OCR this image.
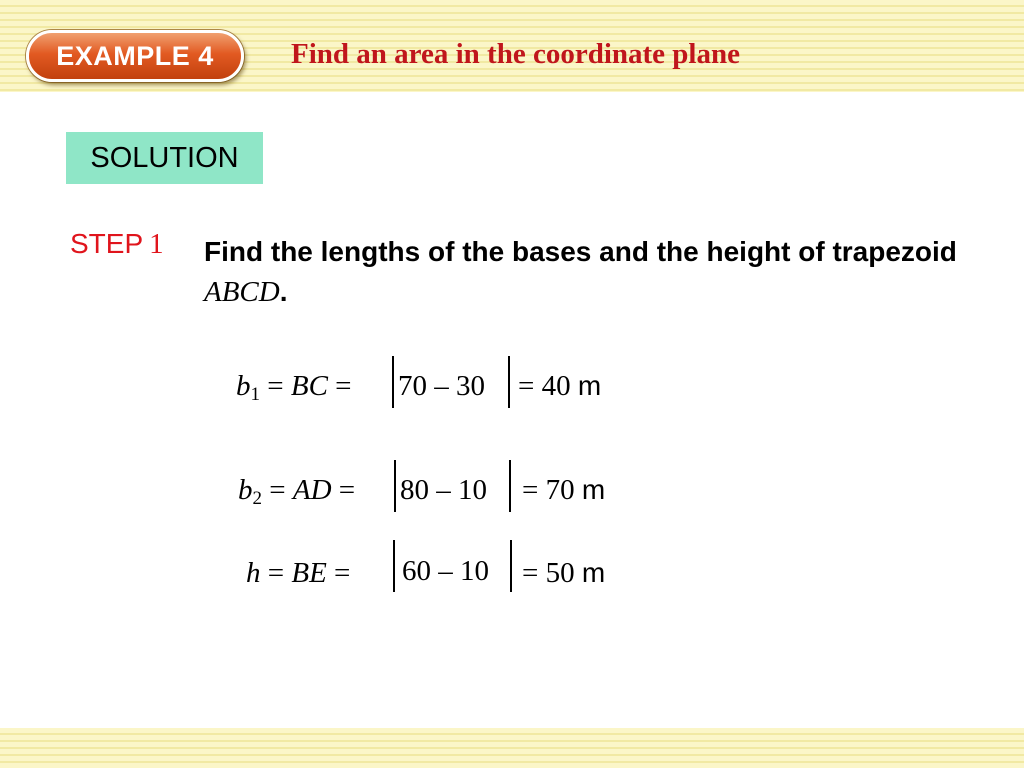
EXAMPLE 4	Find an area in the coordinate plane
SOLUTION
STEP 1 Find the lengths of the bases and the height of trapezoid ABCD.
$b_1$ = BC = 70 – 30 = 40 m
$b_2$ = AD = 80 – 10 = 70 m
h = BE = 60 – 10 = 50 m
